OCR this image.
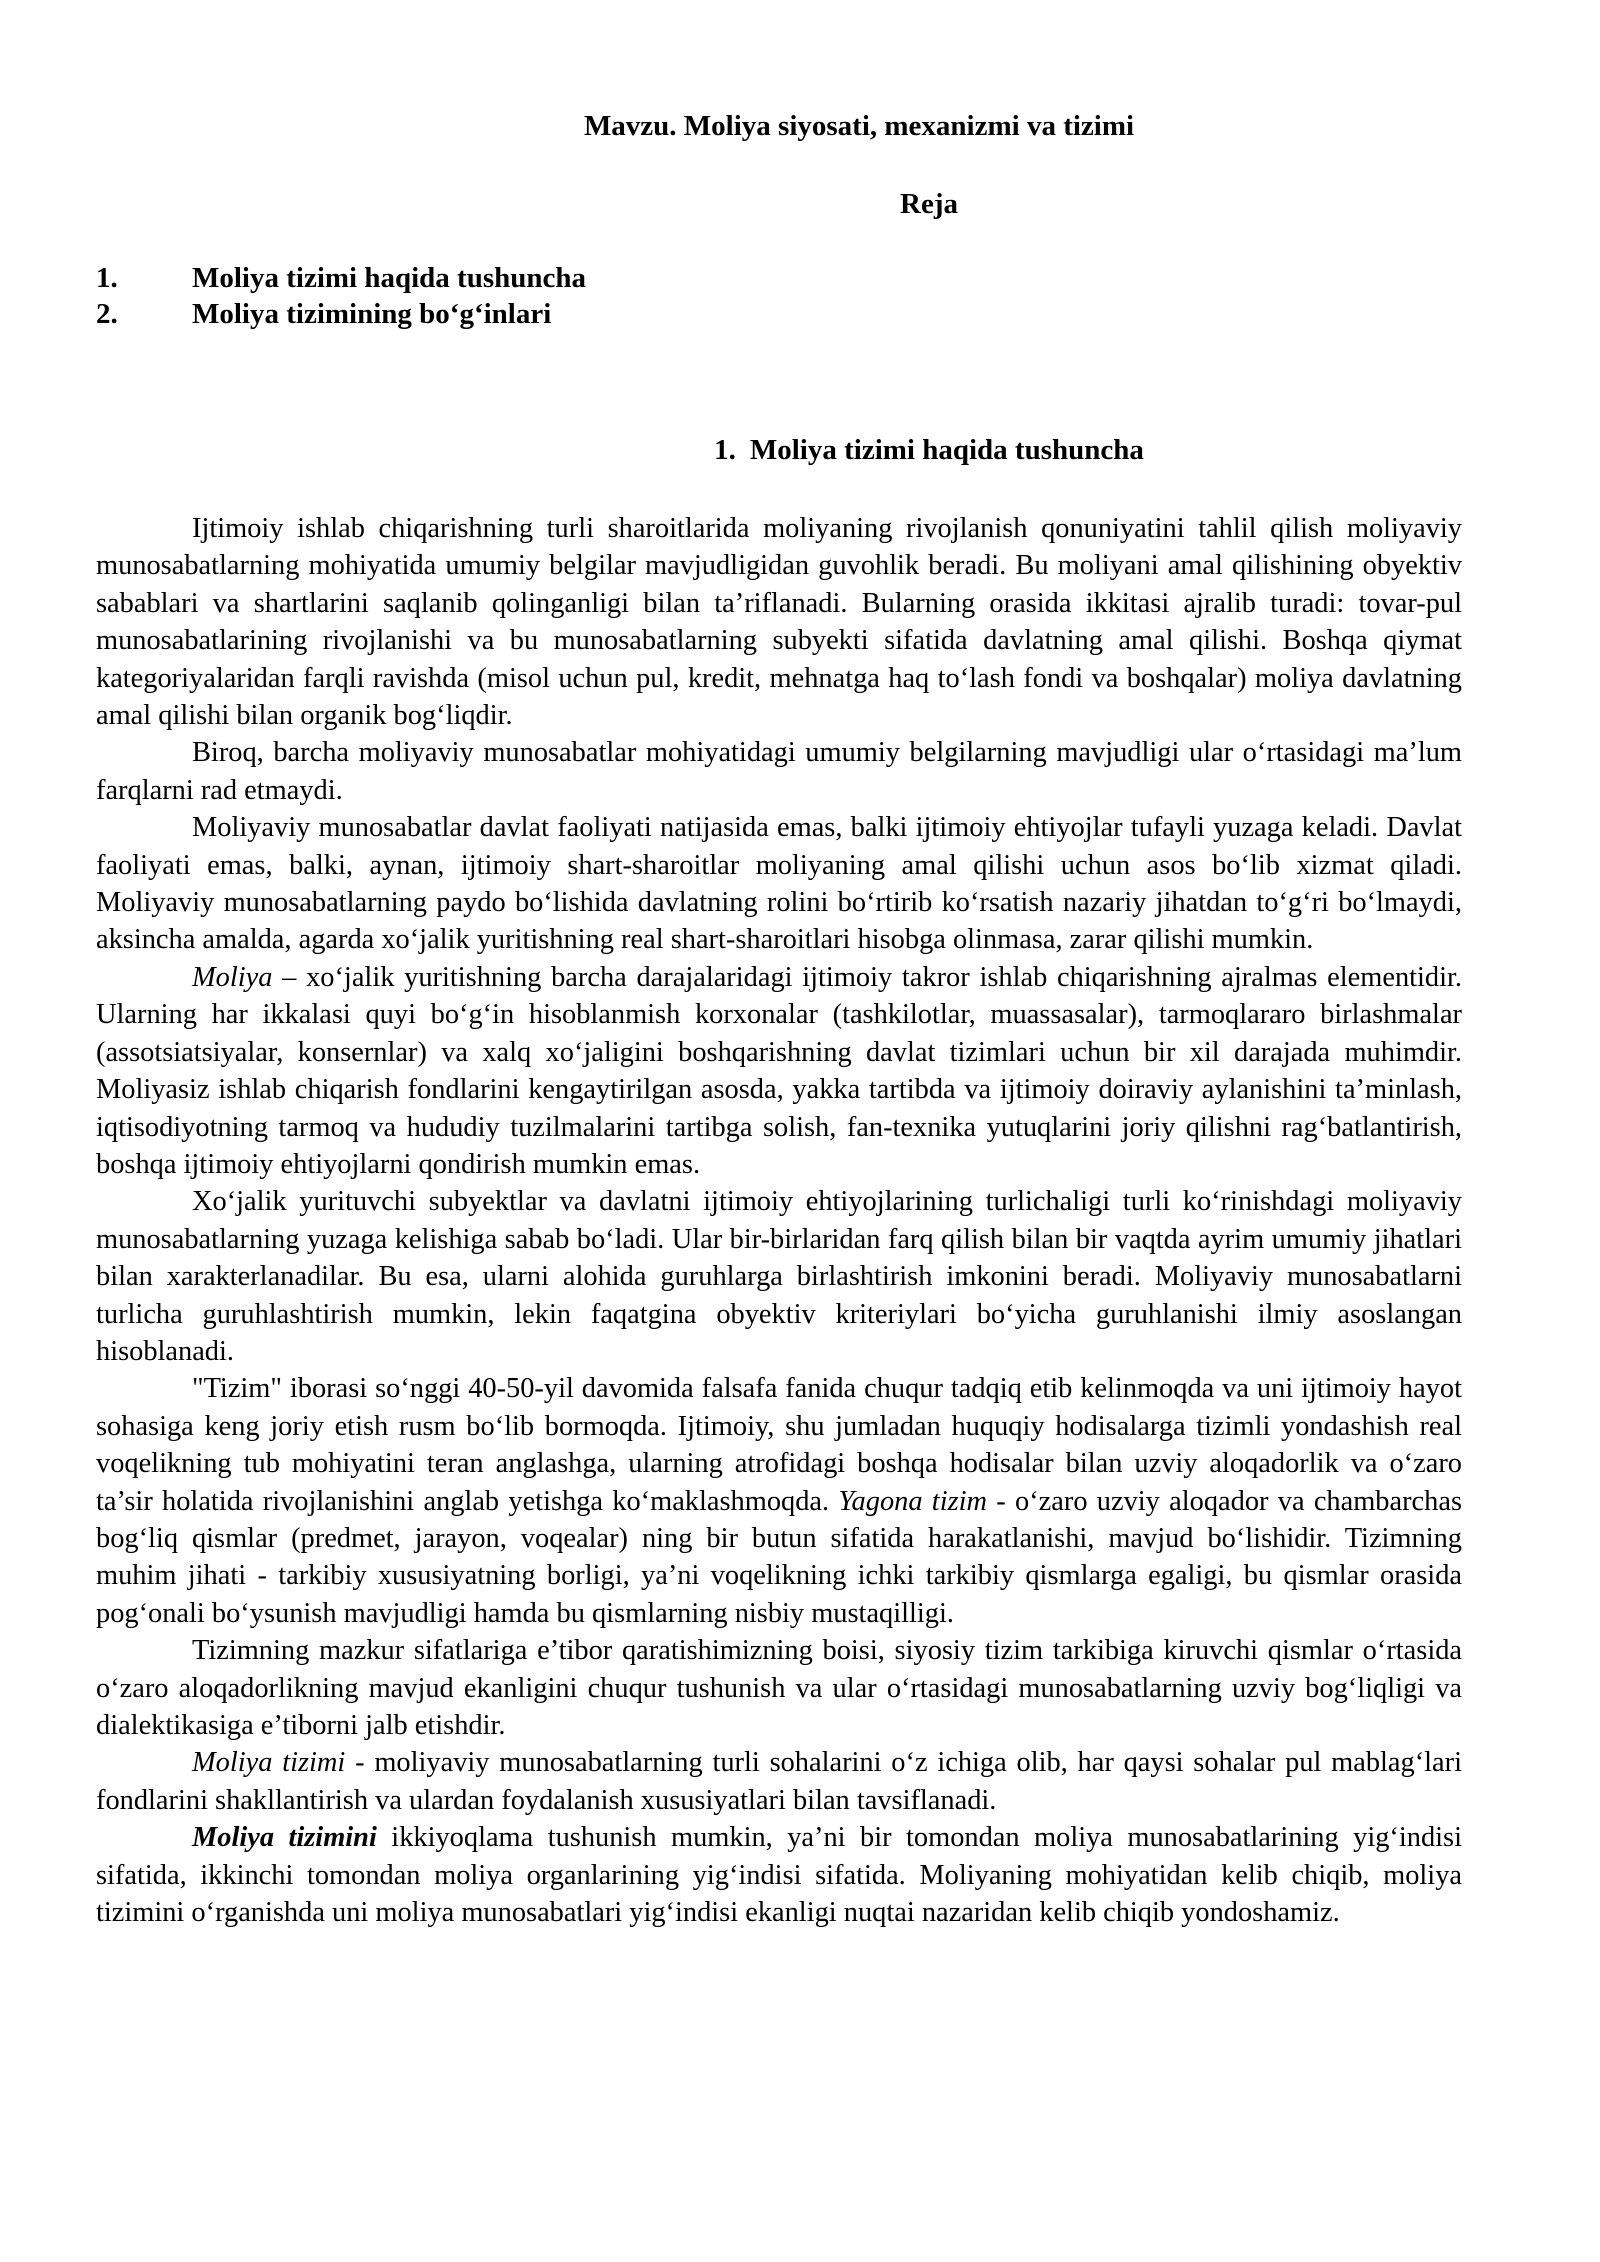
Mavzu. Moliya siyosati, mexanizmi va tizimi
Reja
1.	Moliya tizimi haqida tushuncha
2.	Moliya tizimining bo‘g‘inlari
1. Moliya tizimi haqida tushuncha

Ijtimoiy ishlab chiqarishning turli sharoitlarida moliyaning rivojlanish qonuniyatini tahlil qilish moliyaviy munosabatlarning mohiyatida umumiy belgilar mavjudligidan guvohlik beradi. Bu moliyani amal qilishining obyektiv sabablari va shartlarini saqlanib qolinganligi bilan ta’riflanadi. Bularning orasida ikkitasi ajralib turadi: tovar-pul munosabatlarining rivojlanishi va bu munosabatlarning subyekti sifatida davlatning amal qilishi. Boshqa qiymat kategoriyalaridan farqli ravishda (misol uchun pul, kredit, mehnatga haq to‘lash fondi va boshqalar) moliya davlatning amal qilishi bilan organik bog‘liqdir.

Biroq, barcha moliyaviy munosabatlar mohiyatidagi umumiy belgilarning mavjudligi ular o‘rtasidagi ma’lum farqlarni rad etmaydi.

Moliyaviy munosabatlar davlat faoliyati natijasida emas, balki ijtimoiy ehtiyojlar tufayli yuzaga keladi. Davlat faoliyati emas, balki, aynan, ijtimoiy shart-sharoitlar moliyaning amal qilishi uchun asos bo‘lib xizmat qiladi. Moliyaviy munosabatlarning paydo bo‘lishida davlatning rolini bo‘rtirib ko‘rsatish nazariy jihatdan to‘g‘ri bo‘lmaydi, aksincha amalda, agarda xo‘jalik yuritishning real shart-sharoitlari hisobga olinmasa, zarar qilishi mumkin.

Moliya – xo‘jalik yuritishning barcha darajalaridagi ijtimoiy takror ishlab chiqarishning ajralmas elementidir. Ularning har ikkalasi quyi bo‘g‘in hisoblanmish korxonalar (tashkilotlar, muassasalar), tarmoqlararo birlashmalar (assotsiatsiyalar, konsernlar) va xalq xo‘jaligini boshqarishning davlat tizimlari uchun bir xil darajada muhimdir. Moliyasiz ishlab chiqarish fondlarini kengaytirilgan asosda, yakka tartibda va ijtimoiy doiraviy aylanishini ta’minlash, iqtisodiyotning tarmoq va hududiy tuzilmalarini tartibga solish, fan-texnika yutuqlarini joriy qilishni rag‘batlantirish, boshqa ijtimoiy ehtiyojlarni qondirish mumkin emas.

Xo‘jalik yurituvchi subyektlar va davlatni ijtimoiy ehtiyojlarining turlichaligi turli ko‘rinishdagi moliyaviy munosabatlarning yuzaga kelishiga sabab bo‘ladi. Ular bir-birlaridan farq qilish bilan bir vaqtda ayrim umumiy jihatlari bilan xarakterlanadilar. Bu esa, ularni alohida guruhlarga birlashtirish imkonini beradi. Moliyaviy munosabatlarni turlicha guruhlashtirish mumkin, lekin faqatgina obyektiv kriteriylari bo‘yicha guruhlanishi ilmiy asoslangan hisoblanadi.

"Tizim" iborasi so‘nggi 40-50-yil davomida falsafa fanida chuqur tadqiq etib kelinmoqda va uni ijtimoiy hayot sohasiga keng joriy etish rusm bo‘lib bormoqda. Ijtimoiy, shu jumladan huquqiy hodisalarga tizimli yondashish real voqelikning tub mohiyatini teran anglashga, ularning atrofidagi boshqa hodisalar bilan uzviy aloqadorlik va o‘zaro ta’sir holatida rivojlanishini anglab yetishga ko‘maklashmoqda. Yagona tizim - o‘zaro uzviy aloqador va chambarchas bog‘liq qismlar (predmet, jarayon, voqealar) ning bir butun sifatida harakatlanishi, mavjud bo‘lishidir. Tizimning muhim jihati - tarkibiy xususiyatning borligi, ya’ni voqelikning ichki tarkibiy qismlarga egaligi, bu qismlar orasida pog‘onali bo‘ysunish mavjudligi hamda bu qismlarning nisbiy mustaqilligi.

Tizimning mazkur sifatlariga e’tibor qaratishimizning boisi, siyosiy tizim tarkibiga kiruvchi qismlar o‘rtasida o‘zaro aloqadorlikning mavjud ekanligini chuqur tushunish va ular o‘rtasidagi munosabatlarning uzviy bog‘liqligi va dialektikasiga e’tiborni jalb etishdir.

Moliya tizimi - moliyaviy munosabatlarning turli sohalarini o‘z ichiga olib, har qaysi sohalar pul mablag‘lari fondlarini shakllantirish va ulardan foydalanish xususiyatlari bilan tavsiflanadi.

Moliya tizimini ikkiyoqlama tushunish mumkin, ya’ni bir tomondan moliya munosabatlarining yig‘indisi sifatida, ikkinchi tomondan moliya organlarining yig‘indisi sifatida. Moliyaning mohiyatidan kelib chiqib, moliya tizimini o‘rganishda uni moliya munosabatlari yig‘indisi ekanligi nuqtai nazaridan kelib chiqib yondoshamiz.
